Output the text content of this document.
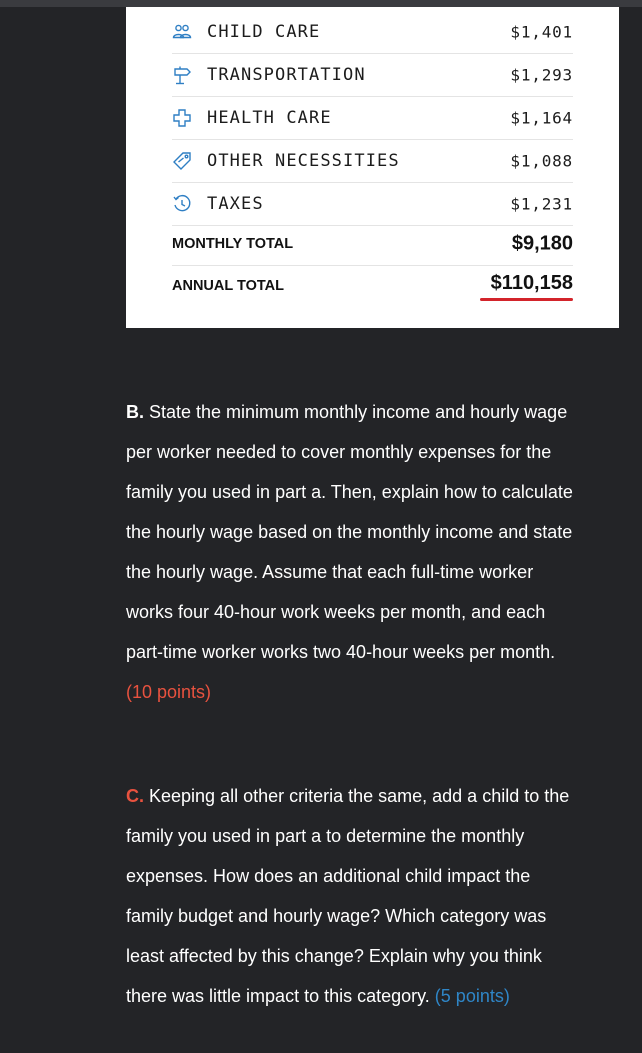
CHILD CARE	$1,401
TRANSPORTATION	$1,293
HEALTH CARE	$1,164
OTHER NECESSITIES	$1,088
TAXES	$1,231
MONTHLY TOTAL	$9,180
ANNUAL TOTAL	$110,158
B. State the minimum monthly income and hourly wage
per worker needed to cover monthly expenses for the
family you used in part a. Then, explain how to calculate
the hourly wage based on the monthly income and state
the hourly wage. Assume that each full-time worker
works four 40-hour work weeks per month, and each
part-time worker works two 40-hour weeks per month.
(10 points)
C. Keeping all other criteria the same, add a child to the
family you used in part a to determine the monthly
expenses. How does an additional child impact the
family budget and hourly wage? Which category was
least affected by this change? Explain why you think
there was little impact to this category. (5 points)
